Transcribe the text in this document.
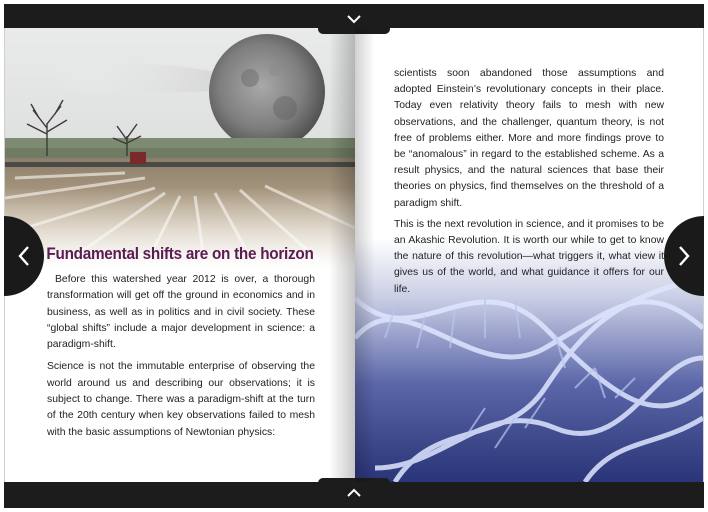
Fundamental shifts are on the horizon

Before this watershed year 2012 is over, a thorough transformation will get off the ground in economics and in business, as well as in politics and in civil society. These “global shifts” include a major development in science: a paradigm-shift.

Science is not the immutable enterprise of observing the world around us and describing our observations; it is subject to change. There was a paradigm-shift at the turn of the 20th century when key observations failed to mesh with the basic assumptions of Newtonian physics:

scientists soon abandoned those assumptions and adopted Einstein’s revolutionary concepts in their place. Today even relativity theory fails to mesh with new observations, and the challenger, quantum theory, is not free of problems either. More and more findings prove to be “anomalous” in regard to the established scheme. As a result physics, and the natural sciences that base their theories on physics, find themselves on the threshold of a paradigm shift.

This is the next revolution in science, and it promises to be an Akashic Revolution. It is worth our while to get to know the nature of this revolution—what triggers it, what view it gives us of the world, and what guidance it offers for our life.
